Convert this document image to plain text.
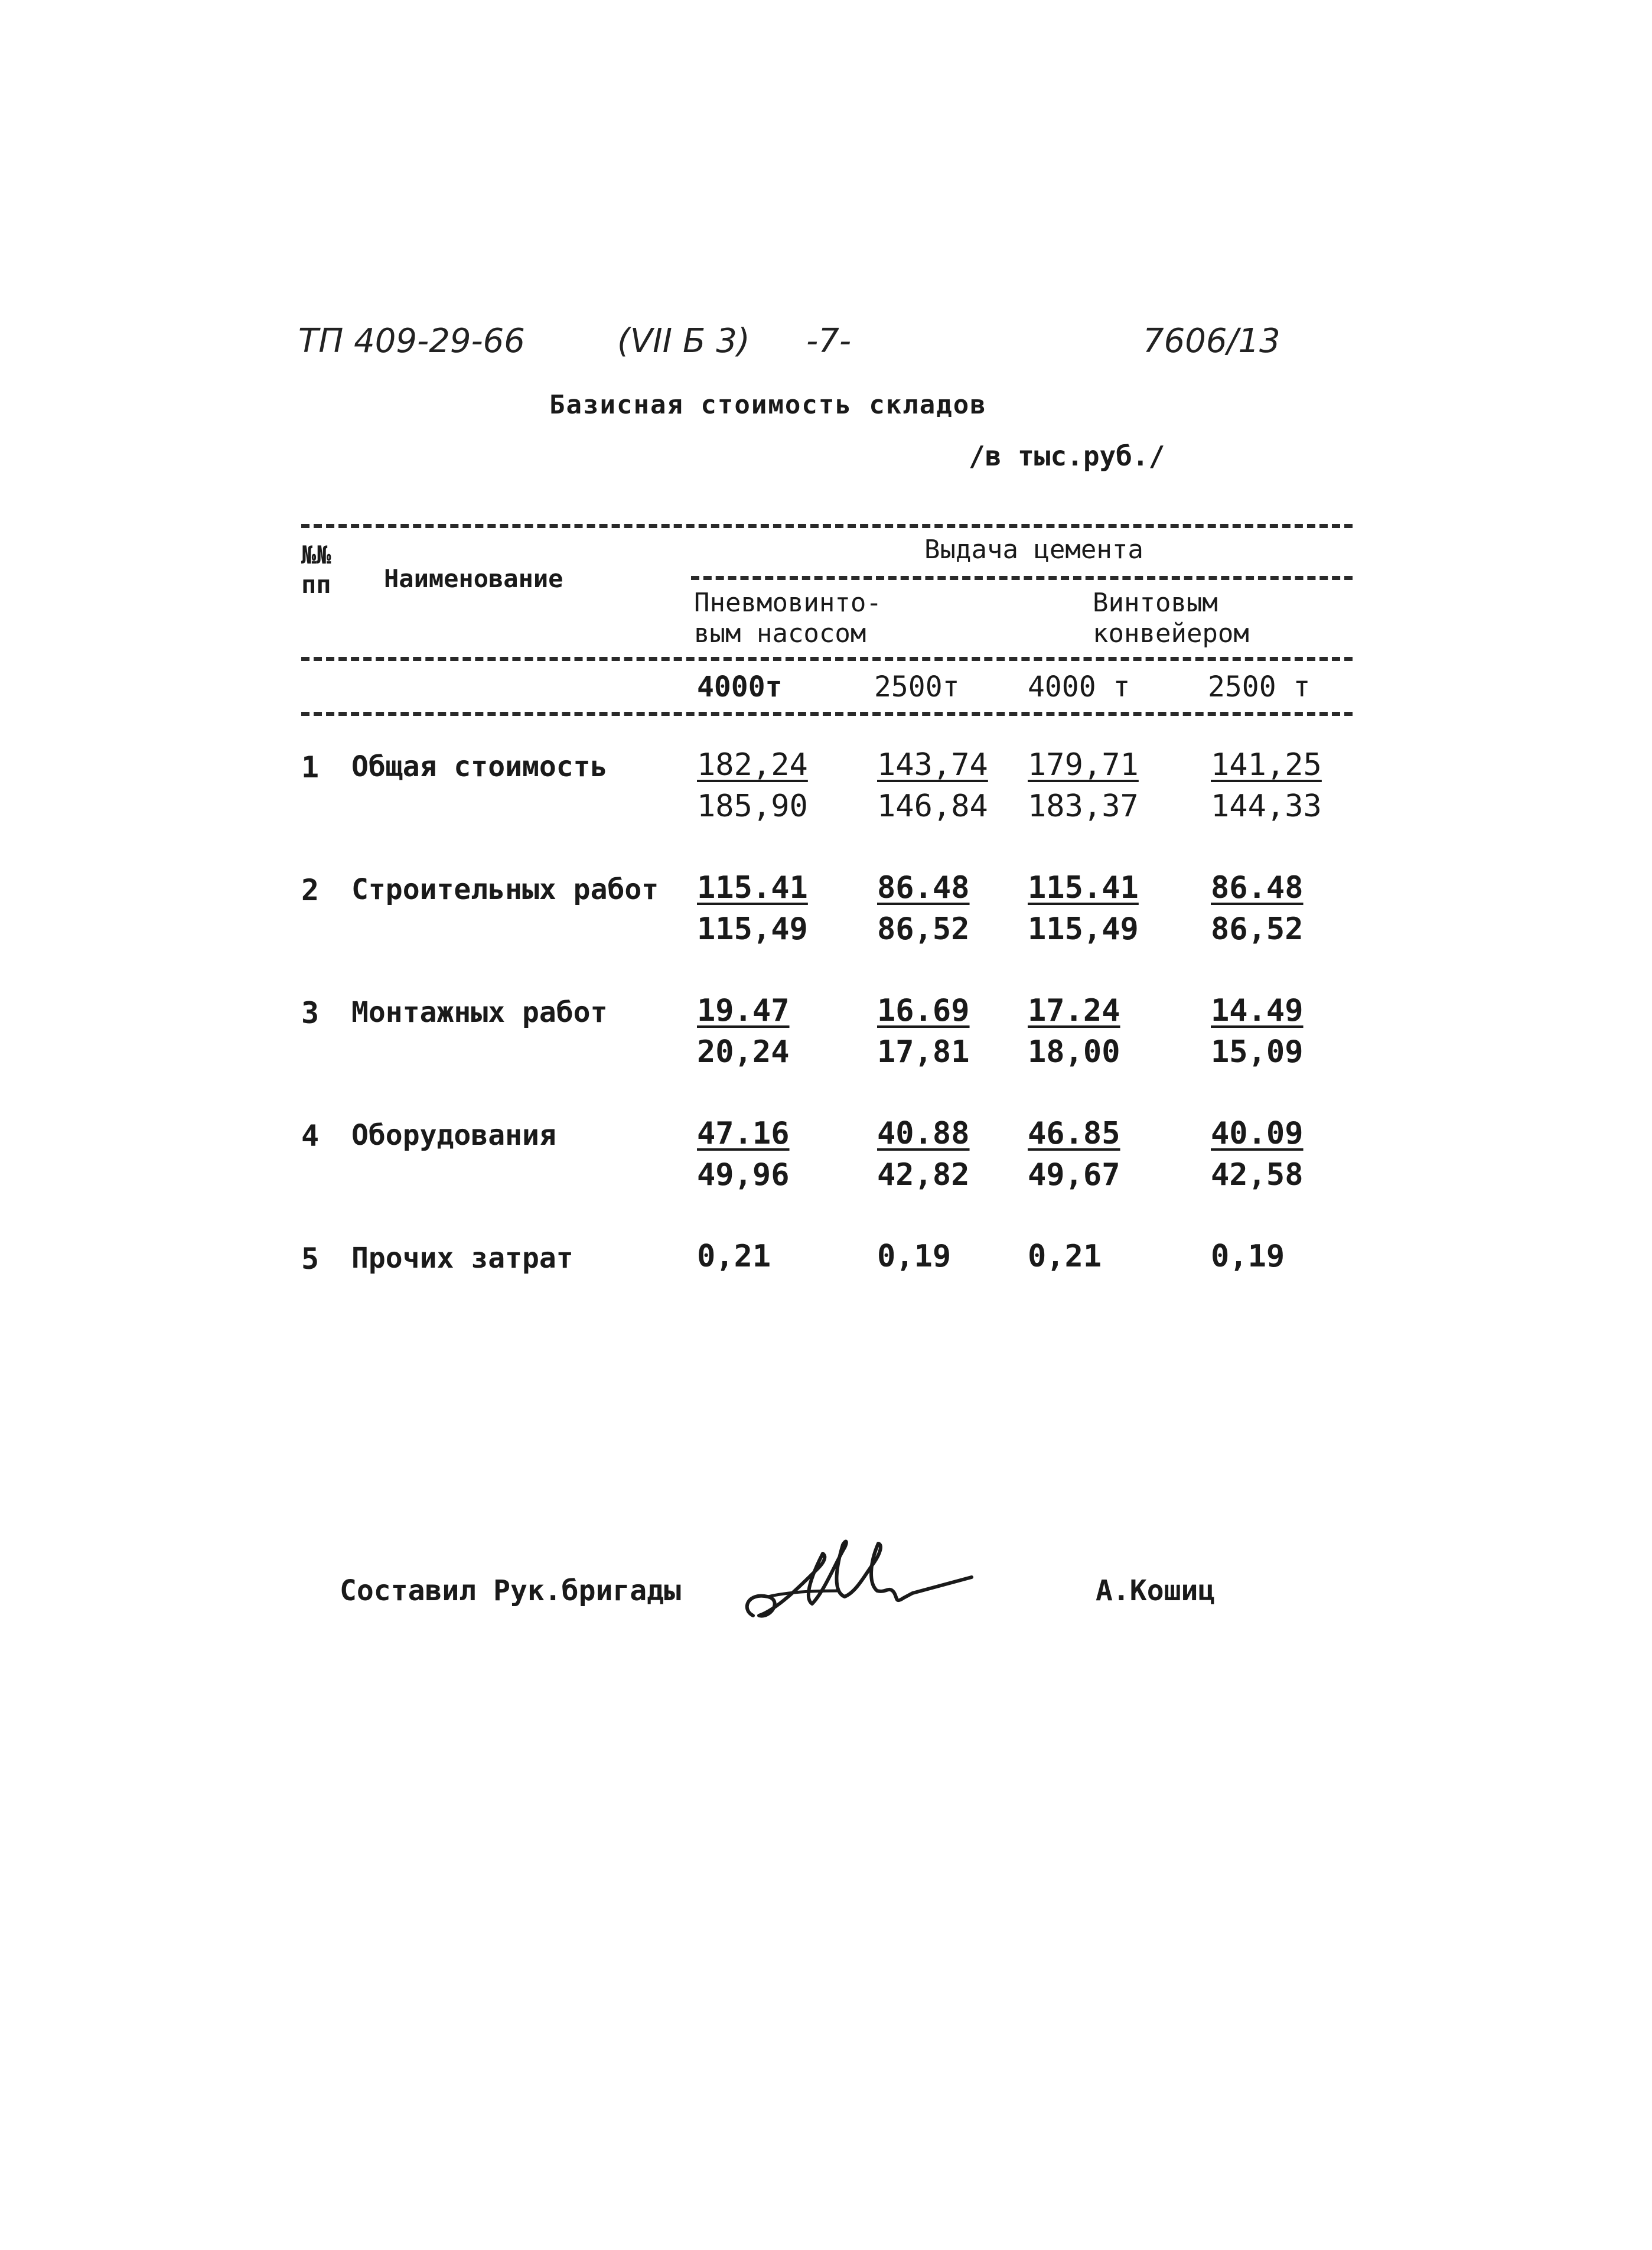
ТП 409-29-66	(VII Б 3) -7-	7606/13
Базисная стоимость складов
/в тыс.руб./
№№ пп	Наименование
Выдача цемента
Пневмовинто- вым насосом
Винтовым конвейером
4000т	2500т 4000 т	2500 т
1 Общая стоимость	182,24 143,74 179,71 141,25
185,90 146,84 183,37 144,33
2 Строительных работ 115.41 86.48 115.41 86.48
115,49 86,52 115,49 86,52
3 Монтажных работ	19.47	16.69 17.24	14.49
20,24	17,81 18,00	15,09
4 Оборудования	47.16	40.88 46.85	40.09
49,96	42,82 49,67	42,58
5 Прочих затрат	0,21	0,19 0,21	0,19
Составил Рук.бригады	А.Кошиц
